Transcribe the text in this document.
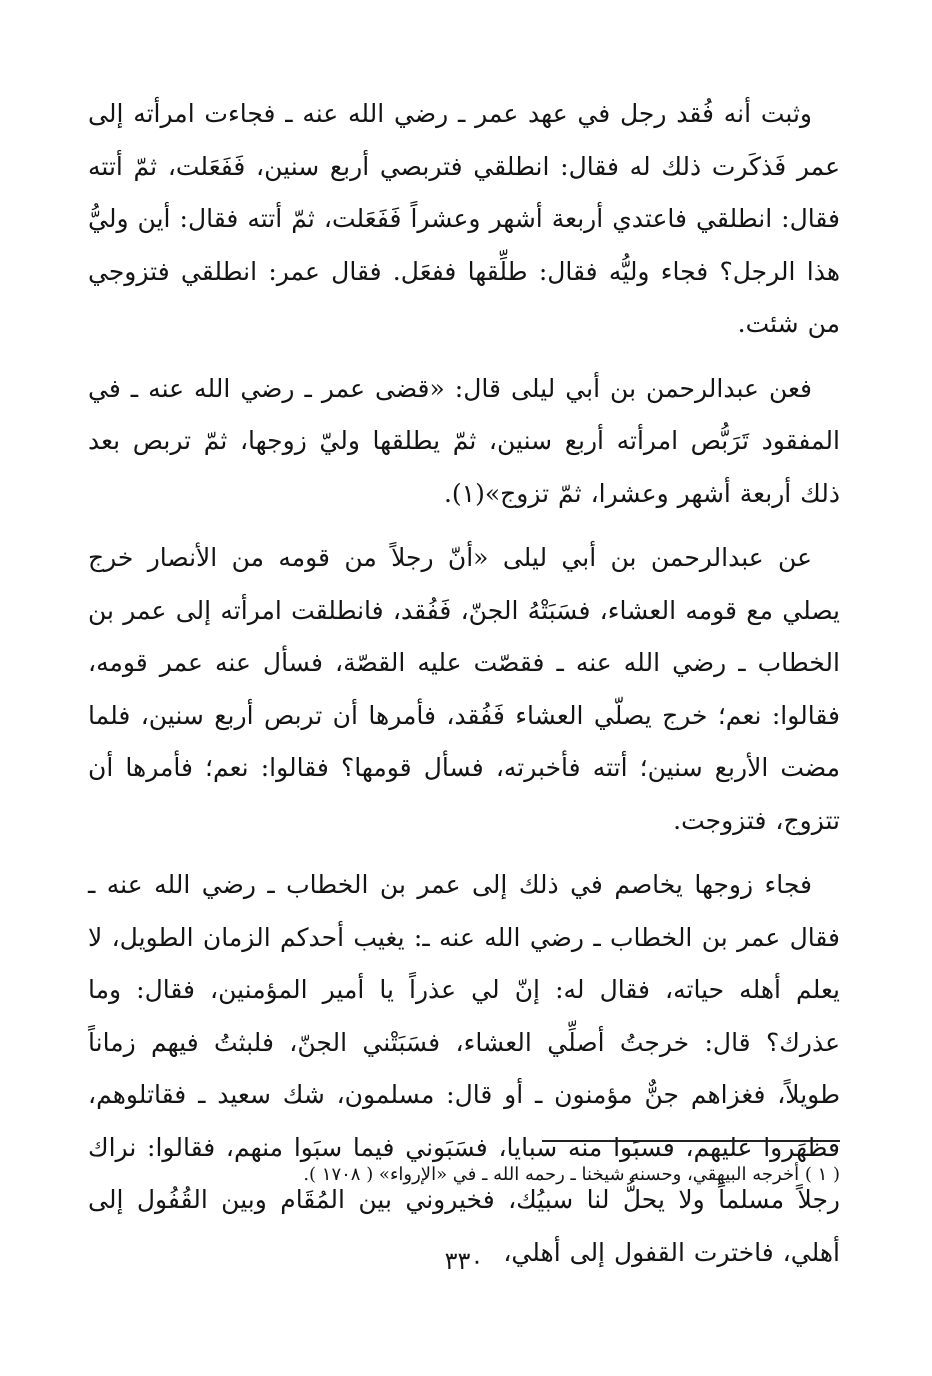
وثبت أنه فُقد رجل في عهد عمر ـ رضي الله عنه ـ فجاءت امرأته إلى عمر فَذكَرت ذلك له فقال: انطلقي فتربصي أربع سنين، فَفَعَلت، ثمّ أتته فقال: انطلقي فاعتدي أربعة أشهر وعشراً فَفَعَلت، ثمّ أتته فقال: أين وليُّ هذا الرجل؟ فجاء وليُّه فقال: طلِّقها ففعَل. فقال عمر: انطلقي فتزوجي من شئت.

فعن عبدالرحمن بن أبي ليلى قال: «قضى عمر ـ رضي الله عنه ـ في المفقود تَرَبُّص امرأته أربع سنين، ثمّ يطلقها وليّ زوجها، ثمّ تربص بعد ذلك أربعة أشهر وعشرا، ثمّ تزوج»(١).

عن عبدالرحمن بن أبي ليلى «أنّ رجلاً من قومه من الأنصار خرج يصلي مع قومه العشاء، فسَبَتْهُ الجنّ، فَفُقد، فانطلقت امرأته إلى عمر بن الخطاب ـ رضي الله عنه ـ فقصّت عليه القصّة، فسأل عنه عمر قومه، فقالوا: نعم؛ خرج يصلّي العشاء فَفُقد، فأمرها أن تربص أربع سنين، فلما مضت الأربع سنين؛ أتته فأخبرته، فسأل قومها؟ فقالوا: نعم؛ فأمرها أن تتزوج، فتزوجت.

فجاء زوجها يخاصم في ذلك إلى عمر بن الخطاب ـ رضي الله عنه ـ فقال عمر بن الخطاب ـ رضي الله عنه ـ: يغيب أحدكم الزمان الطويل، لا يعلم أهله حياته، فقال له: إنّ لي عذراً يا أمير المؤمنين، فقال: وما عذرك؟ قال: خرجتُ أصلِّي العشاء، فسَبَتْني الجنّ، فلبثتُ فيهم زماناً طويلاً، فغزاهم جنٌّ مؤمنون ـ أو قال: مسلمون، شك سعيد ـ فقاتلوهم، فظهَروا عليهم، فسبَوا منه سبايا، فسَبَوني فيما سبَوا منهم، فقالوا: نراك رجلاً مسلماً ولا يحلُّ لنا سبيُك، فخيروني بين المُقَام وبين القُفُول إلى أهلي، فاخترت القفول إلى أهلي،

( ١ ) أخرجه البيهقي، وحسنه شيخنا ـ رحمه الله ـ في «الإرواء» ( ١٧٠٨ ).

٣٣٠
